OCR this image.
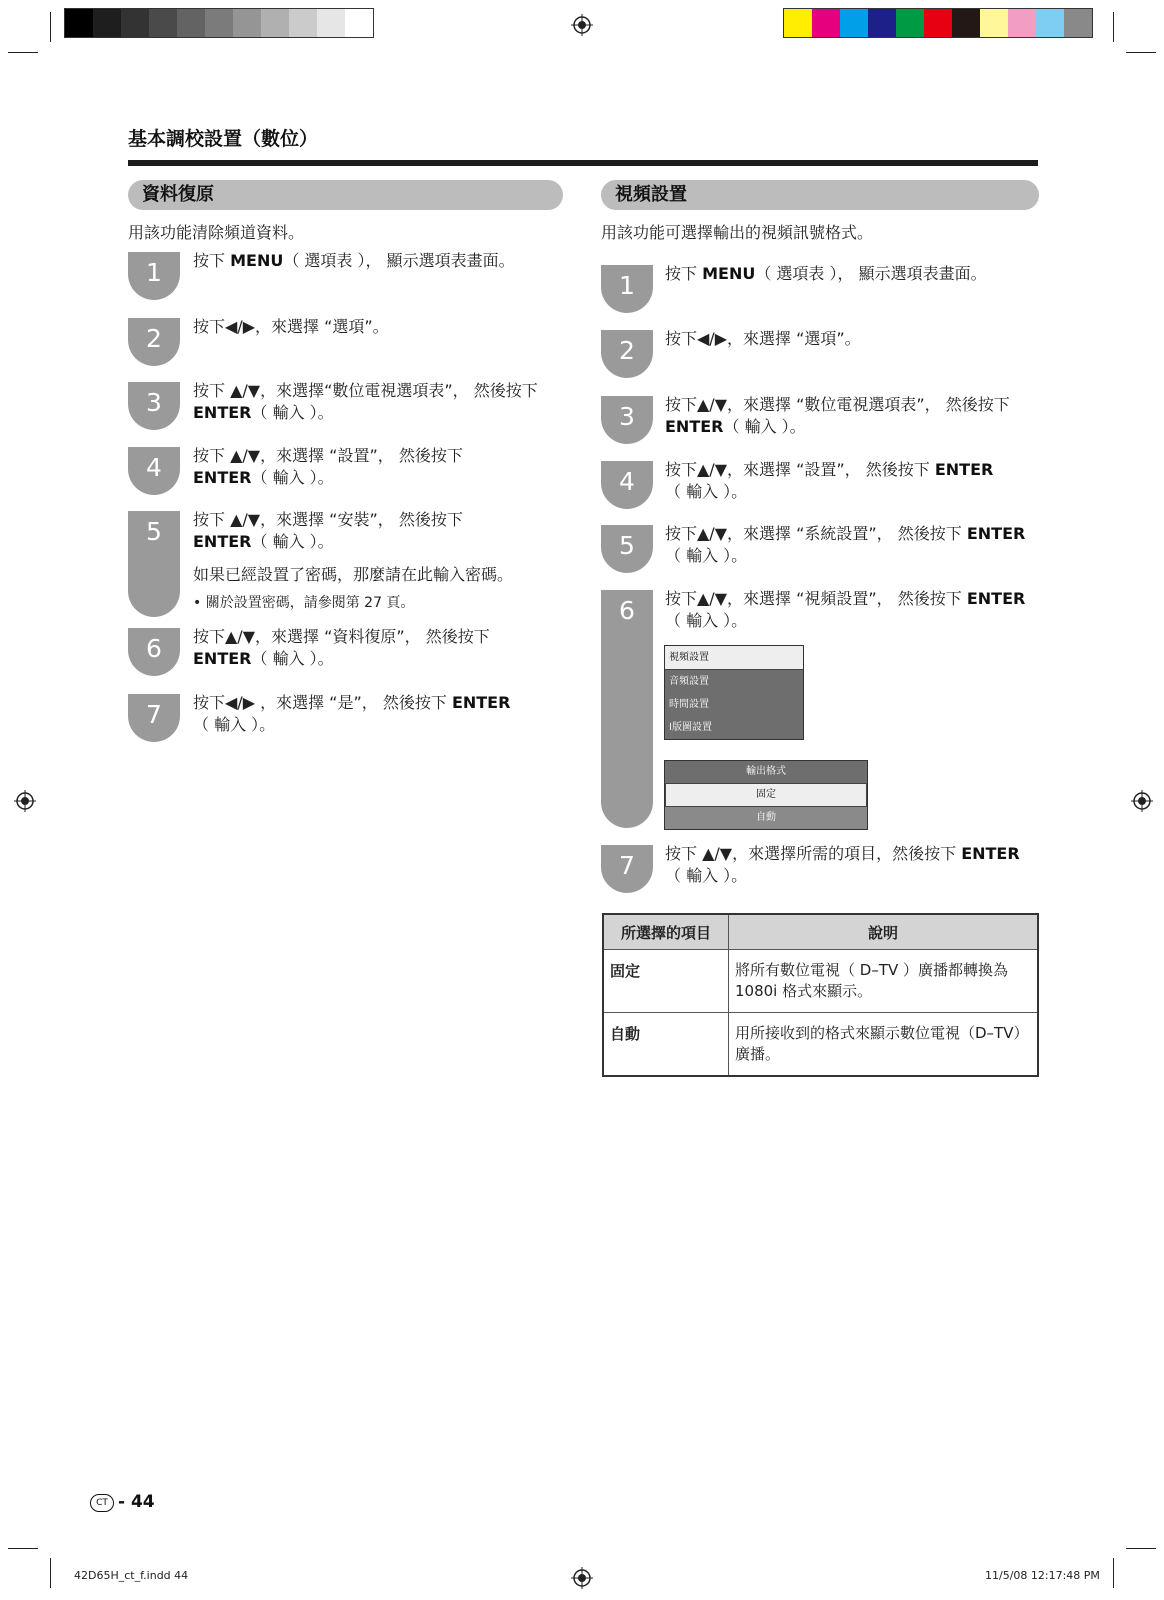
基本調校設置（數位）
資料復原
用該功能清除頻道資料。
1	按下 MENU（ 選項表 ）， 顯示選項表畫面。
2	按下◀/▶，來選擇 “選項”。
3	按下 ▲/▼，來選擇“數位電視選項表”， 然後按下 ENTER（ 輸入 ）。
4	按下 ▲/▼，來選擇 “設置”， 然後按下 ENTER（ 輸入 ）。
5	按下 ▲/▼，來選擇 “安裝”， 然後按下 ENTER（ 輸入 ）。
如果已經設置了密碼，那麼請在此輸入密碼。
• 關於設置密碼，請參閱第 27 頁。
6	按下▲/▼，來選擇 “資料復原”， 然後按下 ENTER（ 輸入 ）。
7	按下◀/▶ ，來選擇 “是”， 然後按下 ENTER（ 輸入 ）。
視頻設置
用該功能可選擇輸出的視頻訊號格式。
1	按下 MENU（ 選項表 ）， 顯示選項表畫面。
2	按下◀/▶，來選擇 “選項”。
3	按下▲/▼，來選擇 “數位電視選項表”， 然後按下 ENTER（ 輸入 ）。
4	按下▲/▼，來選擇 “設置”， 然後按下 ENTER（ 輸入 ）。
5	按下▲/▼，來選擇 “系統設置”， 然後按下 ENTER（ 輸入 ）。
6	按下▲/▼，來選擇 “視頻設置”， 然後按下 ENTER（ 輸入 ）。
視頻設置
音頻設置
時間設置
I版圖設置
輸出格式
固定
自動
7	按下 ▲/▼，來選擇所需的項目，然後按下 ENTER（ 輸入 ）。
所選擇的項目	說明
固定	將所有數位電視（ D–TV ）廣播都轉換為 1080i 格式來顯示。
自動	用所接收到的格式來顯示數位電視（D–TV）廣播。
CT - 44
42D65H_ct_f.indd 44	11/5/08 12:17:48 PM
